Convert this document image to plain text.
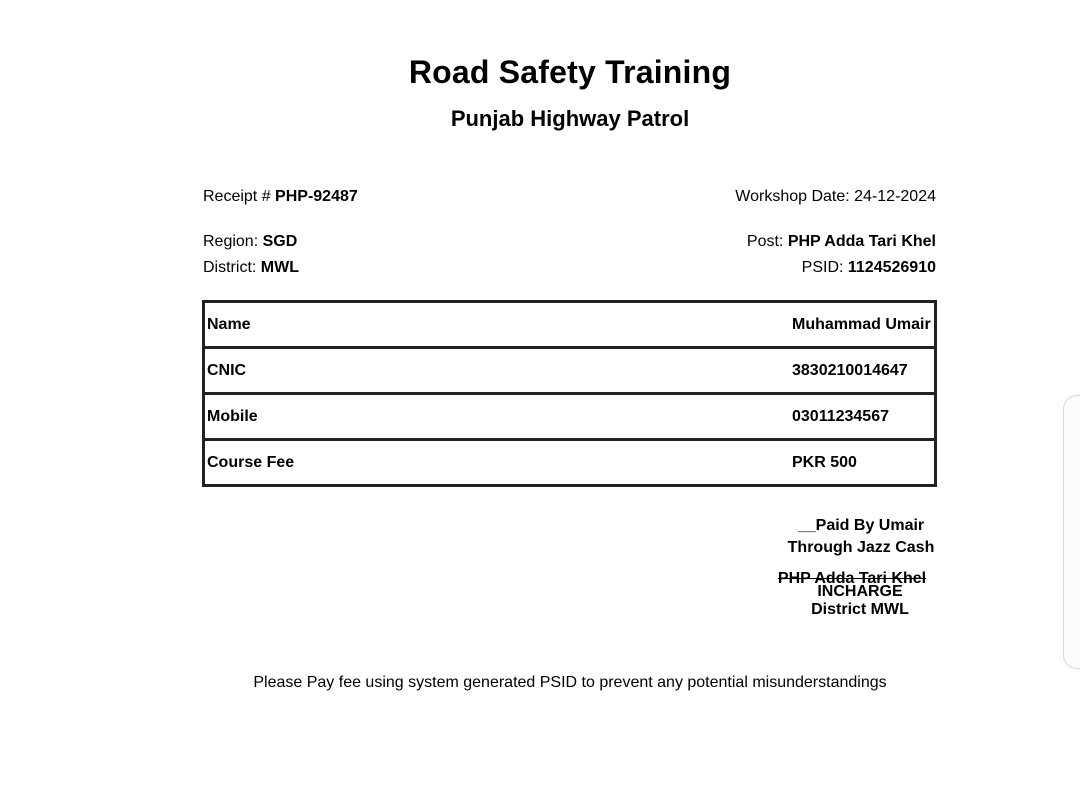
Road Safety Training
Punjab Highway Patrol
Receipt # PHP-92487	Workshop Date: 24-12-2024
Region: SGD	Post: PHP Adda Tari Khel
District: MWL	PSID: 1124526910
Name	Muhammad Umair
CNIC	3830210014647
Mobile	03011234567
Course Fee	PKR 500
__Paid By Umair
Through Jazz Cash
PHP Adda Tari Khel
INCHARGE
District MWL
Please Pay fee using system generated PSID to prevent any potential misunderstandings
